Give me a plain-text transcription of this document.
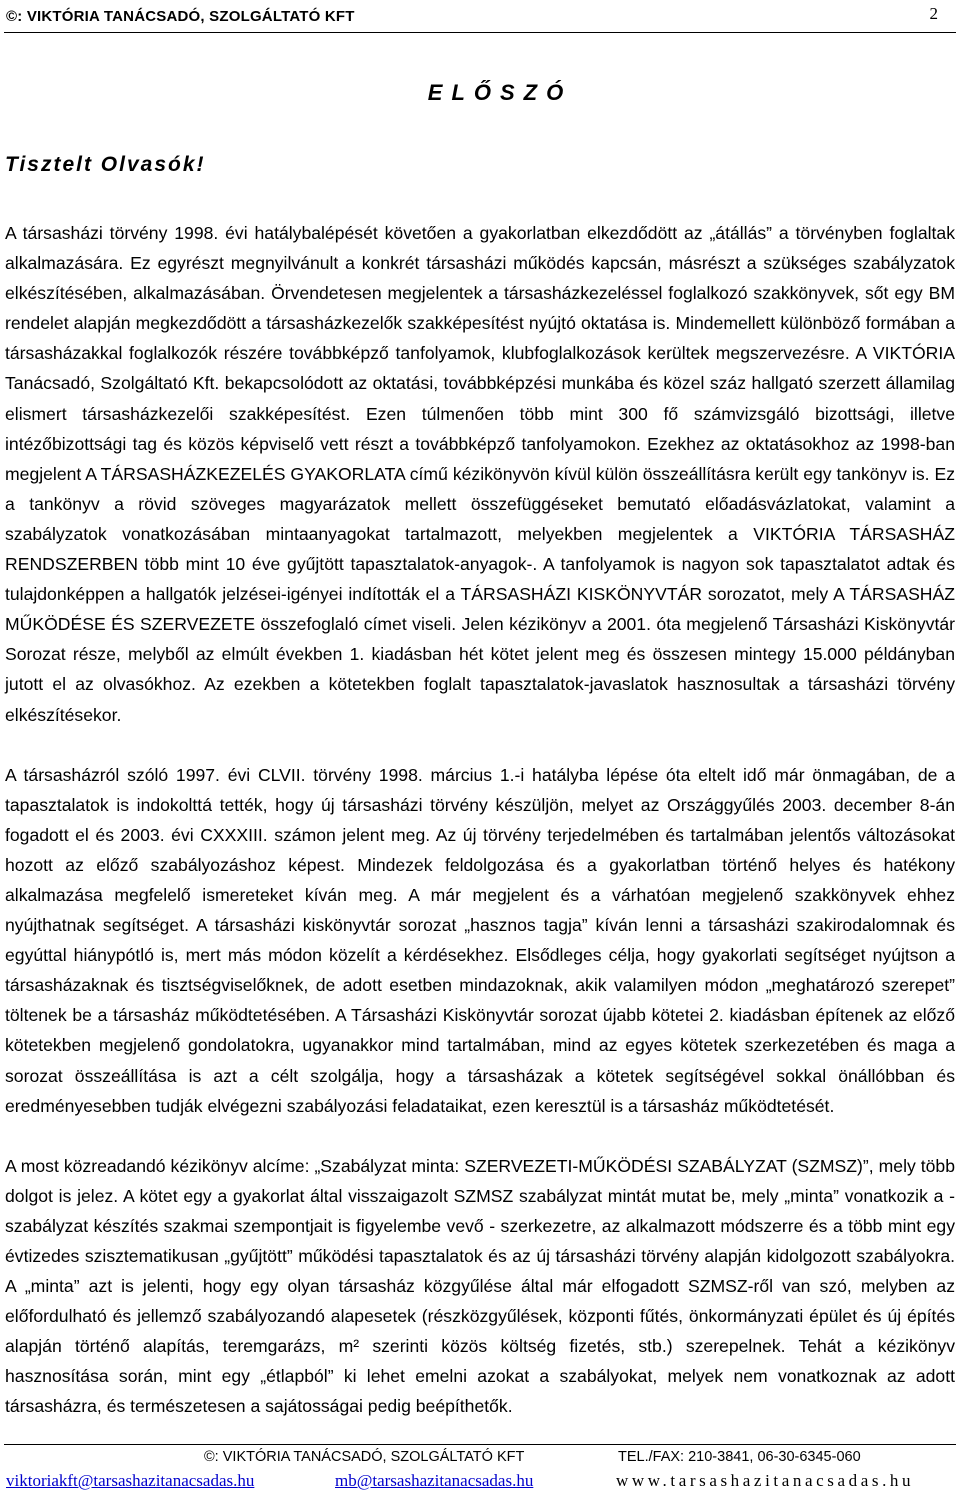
©: VIKTÓRIA TANÁCSADÓ, SZOLGÁLTATÓ KFT	2
ELŐSZÓ
Tisztelt Olvasók!

A társasházi törvény 1998. évi hatálybalépését követően a gyakorlatban elkezdődött az „átállás” a törvényben foglaltak alkalmazására. Ez egyrészt megnyilvánult a konkrét társasházi működés kapcsán, másrészt a szükséges szabályzatok elkészítésében, alkalmazásában. Örvendetesen megjelentek a társasházkezeléssel foglalkozó szakkönyvek, sőt egy BM rendelet alapján megkezdődött a társasházkezelők szakképesítést nyújtó oktatása is. Mindemellett különböző formában a társasházakkal foglalkozók részére továbbképző tanfolyamok, klubfoglalkozások kerültek megszervezésre. A VIKTÓRIA Tanácsadó, Szolgáltató Kft. bekapcsolódott az oktatási, továbbképzési munkába és közel száz hallgató szerzett államilag elismert társasházkezelői szakképesítést. Ezen túlmenően több mint 300 fő számvizsgáló bizottsági, illetve intézőbizottsági tag és közös képviselő vett részt a továbbképző tanfolyamokon. Ezekhez az oktatásokhoz az 1998-ban megjelent A TÁRSASHÁZKEZELÉS GYAKORLATA című kézikönyvön kívül külön összeállításra került egy tankönyv is. Ez a tankönyv a rövid szöveges magyarázatok mellett összefüggéseket bemutató előadásvázlatokat, valamint a szabályzatok vonatkozásában mintaanyagokat tartalmazott, melyekben megjelentek a VIKTÓRIA TÁRSASHÁZ RENDSZERBEN több mint 10 éve gyűjtött tapasztalatok-anyagok-. A tanfolyamok is nagyon sok tapasztalatot adtak és tulajdonképpen a hallgatók jelzései-igényei indították el a TÁRSASHÁZI KISKÖNYVTÁR sorozatot, mely A TÁRSASHÁZ MŰKÖDÉSE ÉS SZERVEZETE összefoglaló címet viseli. Jelen kézikönyv a 2001. óta megjelenő Társasházi Kiskönyvtár Sorozat része, melyből az elmúlt években 1. kiadásban hét kötet jelent meg és összesen mintegy 15.000 példányban jutott el az olvasókhoz. Az ezekben a kötetekben foglalt tapasztalatok-javaslatok hasznosultak a társasházi törvény elkészítésekor.

A társasházról szóló 1997. évi CLVII. törvény 1998. március 1.-i hatályba lépése óta eltelt idő már önmagában, de a tapasztalatok is indokolttá tették, hogy új társasházi törvény készüljön, melyet az Országgyűlés 2003. december 8-án fogadott el és 2003. évi CXXXIII. számon jelent meg. Az új törvény terjedelmében és tartalmában jelentős változásokat hozott az előző szabályozáshoz képest. Mindezek feldolgozása és a gyakorlatban történő helyes és hatékony alkalmazása megfelelő ismereteket kíván meg. A már megjelent és a várhatóan megjelenő szakkönyvek ehhez nyújthatnak segítséget. A társasházi kiskönyvtár sorozat „hasznos tagja” kíván lenni a társasházi szakirodalomnak és egyúttal hiánypótló is, mert más módon közelít a kérdésekhez. Elsődleges célja, hogy gyakorlati segítséget nyújtson a társasházaknak és tisztségviselőknek, de adott esetben mindazoknak, akik valamilyen módon „meghatározó szerepet” töltenek be a társasház működtetésében. A Társasházi Kiskönyvtár sorozat újabb kötetei 2. kiadásban építenek az előző kötetekben megjelenő gondolatokra, ugyanakkor mind tartalmában, mind az egyes kötetek szerkezetében és maga a sorozat összeállítása is azt a célt szolgálja, hogy a társasházak a kötetek segítségével sokkal önállóbban és eredményesebben tudják elvégezni szabályozási feladataikat, ezen keresztül is a társasház működtetését.

A most közreadandó kézikönyv alcíme: „Szabályzat minta: SZERVEZETI-MŰKÖDÉSI SZABÁLYZAT (SZMSZ)”, mely több dolgot is jelez. A kötet egy a gyakorlat által visszaigazolt SZMSZ szabályzat mintát mutat be, mely „minta” vonatkozik a - szabályzat készítés szakmai szempontjait is figyelembe vevő - szerkezetre, az alkalmazott módszerre és a több mint egy évtizedes szisztematikusan „gyűjtött” működési tapasztalatok és az új társasházi törvény alapján kidolgozott szabályokra. A „minta” azt is jelenti, hogy egy olyan társasház közgyűlése által már elfogadott SZMSZ-ről van szó, melyben az előfordulható és jellemző szabályozandó alapesetek (részközgyűlések, központi fűtés, önkormányzati épület és új építés alapján történő alapítás, teremgarázs, m² szerinti közös költség fizetés, stb.) szerepelnek. Tehát a kézikönyv hasznosítása során, mint egy „étlapból” ki lehet emelni azokat a szabályokat, melyek nem vonatkoznak az adott társasházra, és természetesen a sajátosságai pedig beépíthetők.

©: VIKTÓRIA TANÁCSADÓ, SZOLGÁLTATÓ KFT	TEL./FAX: 210-3841, 06-30-6345-060
viktoriakft@tarsashazitanacsadas.hu	mb@tarsashazitanacsadas.hu	www.tarsashazitanacsadas.hu
